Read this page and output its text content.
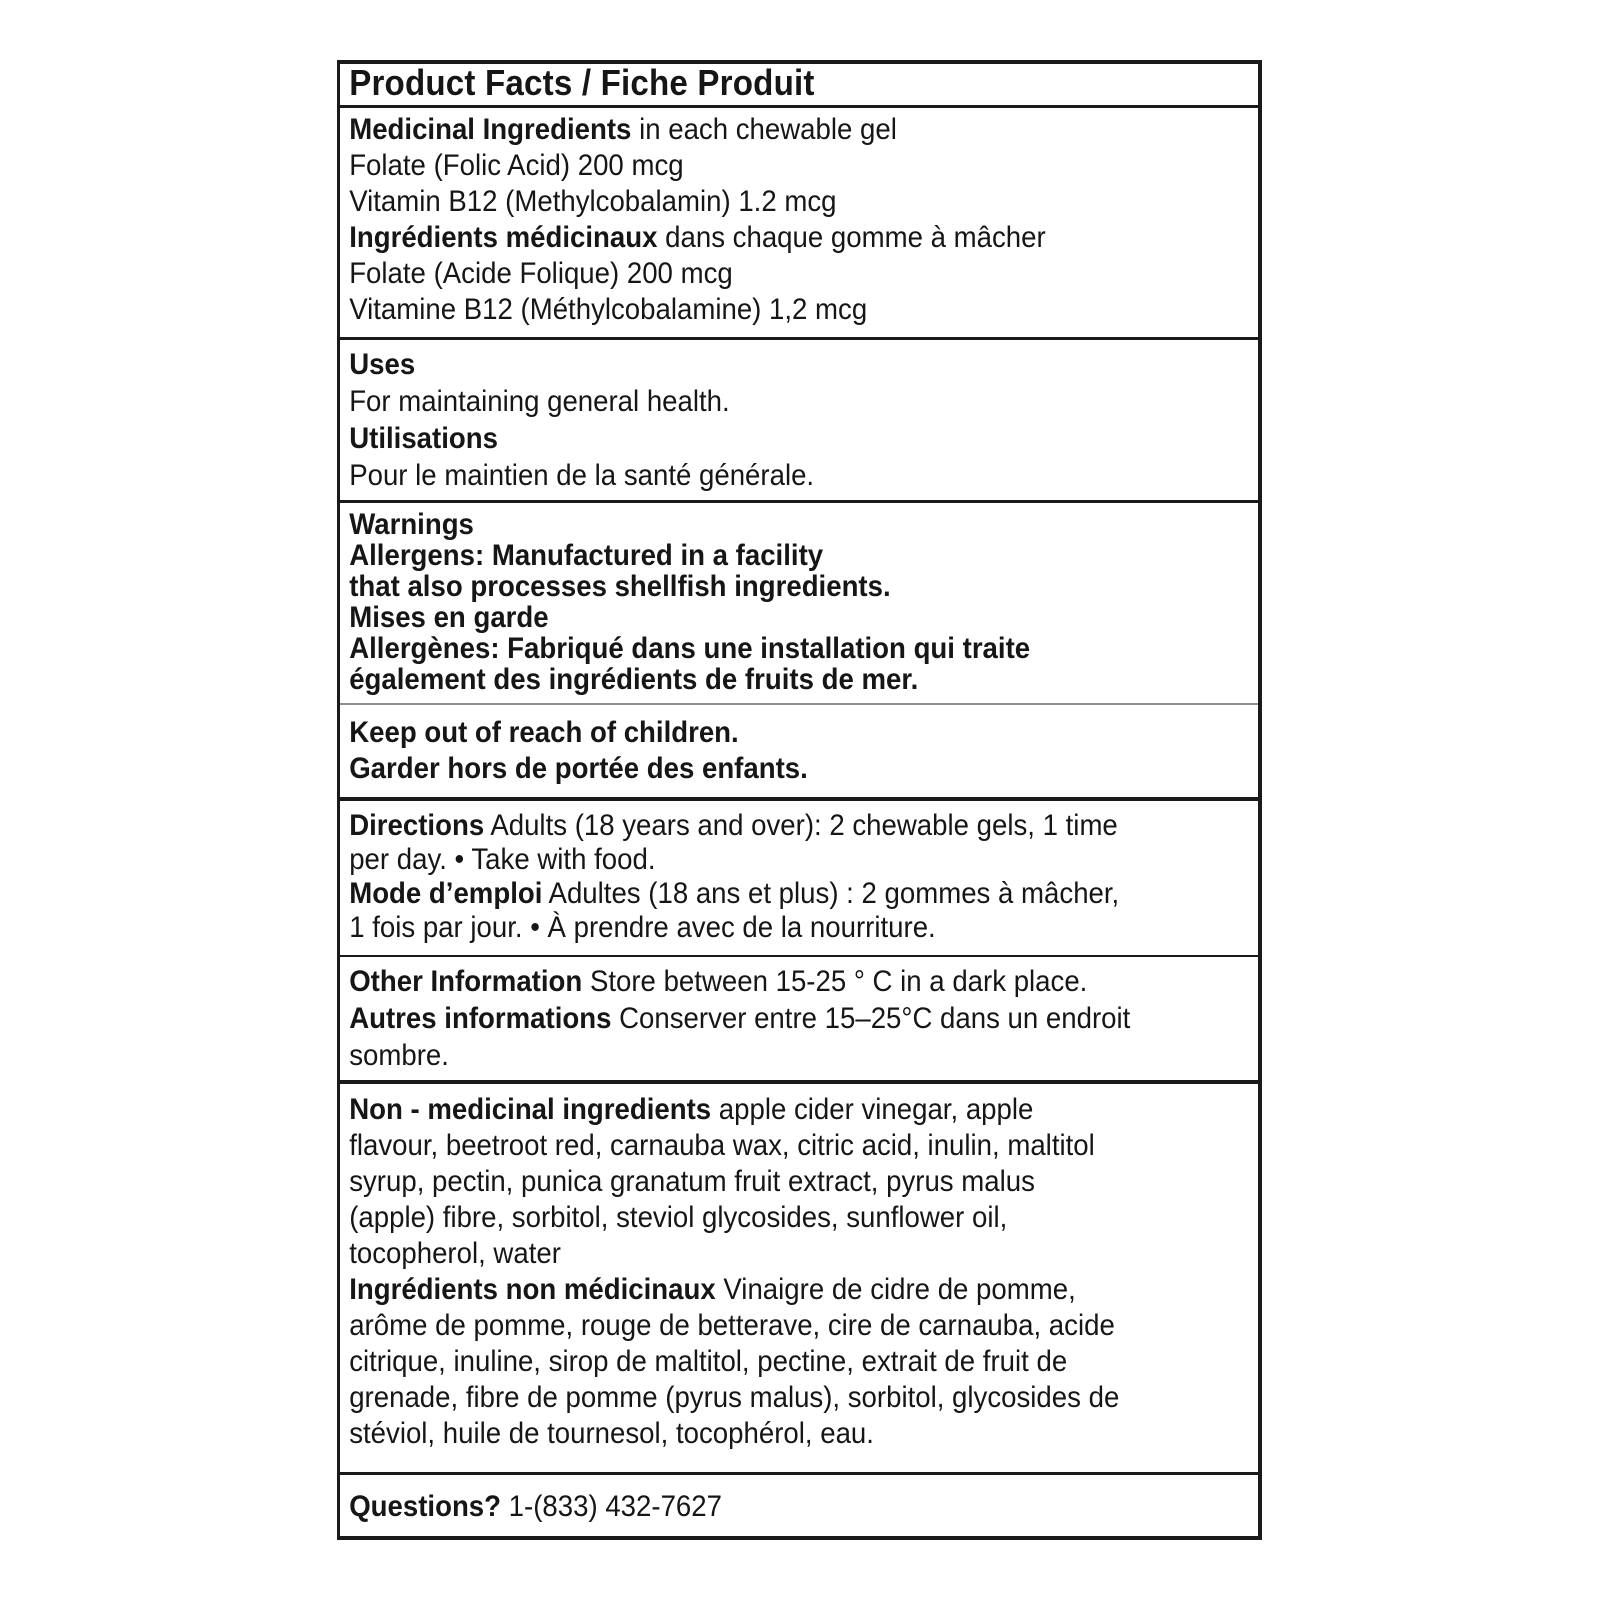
Product Facts / Fiche Produit
Medicinal Ingredients in each chewable gel
Folate (Folic Acid) 200 mcg
Vitamin B12 (Methylcobalamin) 1.2 mcg
Ingrédients médicinaux dans chaque gomme à mâcher
Folate (Acide Folique) 200 mcg
Vitamine B12 (Méthylcobalamine) 1,2 mcg
Uses
For maintaining general health.
Utilisations
Pour le maintien de la santé générale.
Warnings
Allergens: Manufactured in a facility
that also processes shellfish ingredients.
Mises en garde
Allergènes: Fabriqué dans une installation qui traite
également des ingrédients de fruits de mer.
Keep out of reach of children.
Garder hors de portée des enfants.
Directions Adults (18 years and over): 2 chewable gels, 1 time
per day. • Take with food.
Mode d’emploi Adultes (18 ans et plus) : 2 gommes à mâcher,
1 fois par jour. • À prendre avec de la nourriture.
Other Information Store between 15-25 ° C in a dark place.
Autres informations Conserver entre 15–25°C dans un endroit
sombre.
Non - medicinal ingredients apple cider vinegar, apple
flavour, beetroot red, carnauba wax, citric acid, inulin, maltitol
syrup, pectin, punica granatum fruit extract, pyrus malus
(apple) fibre, sorbitol, steviol glycosides, sunflower oil,
tocopherol, water
Ingrédients non médicinaux Vinaigre de cidre de pomme,
arôme de pomme, rouge de betterave, cire de carnauba, acide
citrique, inuline, sirop de maltitol, pectine, extrait de fruit de
grenade, fibre de pomme (pyrus malus), sorbitol, glycosides de
stéviol, huile de tournesol, tocophérol, eau.
Questions? 1-(833) 432-7627
